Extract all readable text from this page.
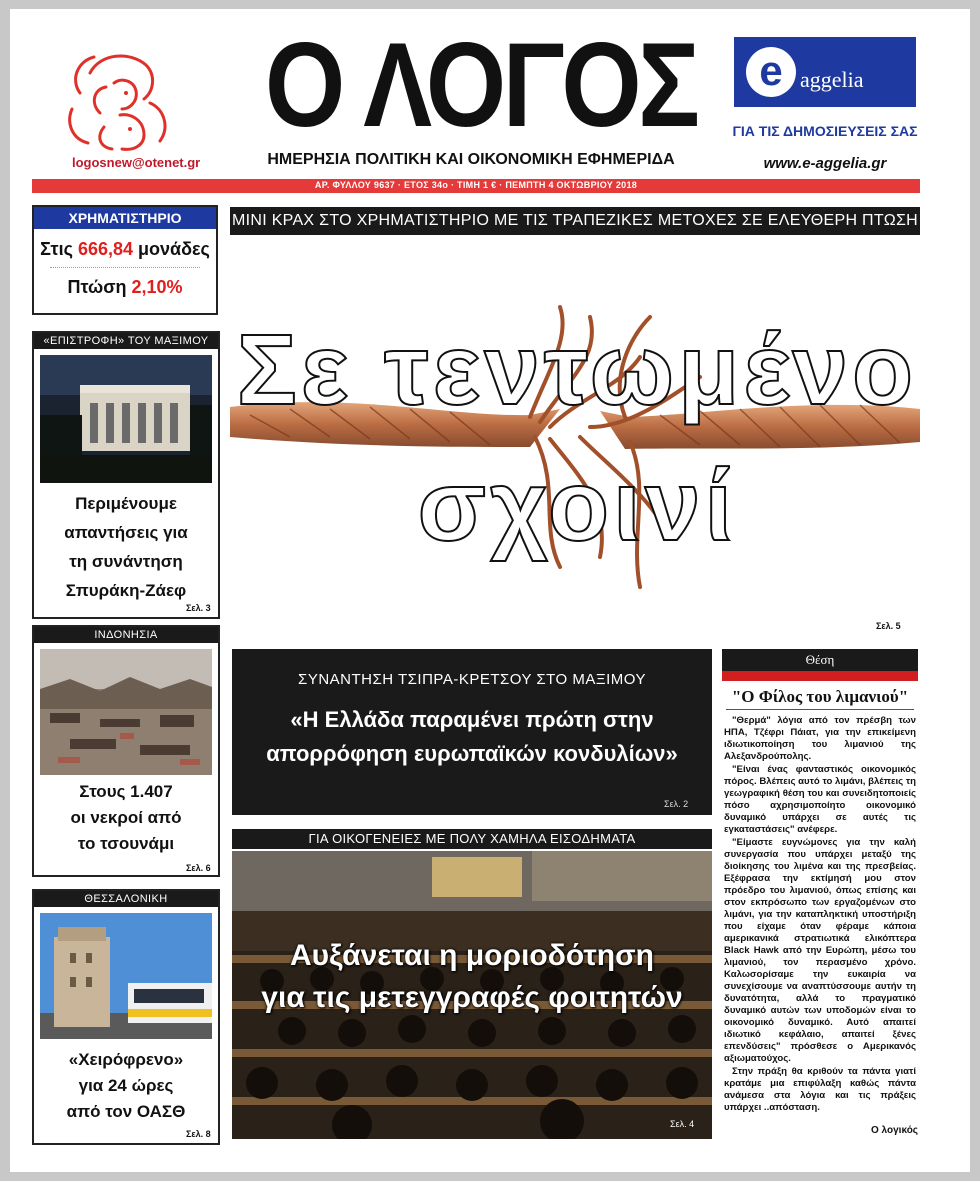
logosnew@otenet.gr
Ο ΛΟΓΟΣ
ΗΜΕΡΗΣΙΑ ΠΟΛΙΤΙΚΗ ΚΑΙ ΟΙΚΟΝΟΜΙΚΗ ΕΦΗΜΕΡΙΔΑ
e aggelia
ΓΙΑ ΤΙΣ ΔΗΜΟΣΙΕΥΣΕΙΣ ΣΑΣ
www.e-aggelia.gr
ΑΡ. ΦΥΛΛΟΥ 9637 · ΕΤΟΣ 34ο · ΤΙΜΗ 1 € · ΠΕΜΠΤΗ 4 ΟΚΤΩΒΡΙΟΥ 2018
ΧΡΗΜΑΤΙΣΤΗΡΙΟ
Στις 666,84 μονάδες
Πτώση 2,10%
ΜΙΝΙ ΚΡΑΧ ΣΤΟ ΧΡΗΜΑΤΙΣΤΗΡΙΟ ΜΕ ΤΙΣ ΤΡΑΠΕΖΙΚΕΣ ΜΕΤΟΧΕΣ ΣΕ ΕΛΕΥΘΕΡΗ ΠΤΩΣΗ
Σε τεντωμένο
σχοινί
Σελ. 5
«ΕΠΙΣΤΡΟΦΗ» ΤΟΥ ΜΑΞΙΜΟΥ
Περιμένουμε
απαντήσεις για
τη συνάντηση
Σπυράκη-Ζάεφ
Σελ. 3
ΙΝΔΟΝΗΣΙΑ
Στους 1.407
οι νεκροί από
το τσουνάμι
Σελ. 6
ΘΕΣΣΑΛΟΝΙΚΗ
«Χειρόφρενο»
για 24 ώρες
από τον ΟΑΣΘ
Σελ. 8
ΣΥΝΑΝΤΗΣΗ ΤΣΙΠΡΑ-ΚΡΕΤΣΟΥ ΣΤΟ ΜΑΞΙΜΟΥ
«Η Ελλάδα παραμένει πρώτη στην
απορρόφηση ευρωπαϊκών κονδυλίων»
Σελ. 2
ΓΙΑ ΟΙΚΟΓΕΝΕΙΕΣ ΜΕ ΠΟΛΥ ΧΑΜΗΛΑ ΕΙΣΟΔΗΜΑΤΑ
Αυξάνεται η μοριοδότηση
για τις μετεγγραφές φοιτητών
Σελ. 4
Θέση
"Ο Φίλος του λιμανιού"

"Θερμά" λόγια από τον πρέσβη των ΗΠΑ, Τζέφρι Πάιατ, για την επικείμενη ιδιωτικοποίηση του λιμανιού της Αλεξανδρούπολης.

"Είναι ένας φανταστικός οικονομικός πόρος. Βλέπεις αυτό το λιμάνι, βλέπεις τη γεωγραφική θέση του και συνειδητοποιείς πόσο αχρησιμοποίητο οικονομικό δυναμικό υπάρχει σε αυτές τις εγκαταστάσεις" ανέφερε.

"Είμαστε ευγνώμονες για την καλή συνεργασία που υπάρχει μεταξύ της διοίκησης του λιμένα και της πρεσβείας. Εξέφρασα την εκτίμησή μου στον πρόεδρο του λιμανιού, όπως επίσης και στον εκπρόσωπο των εργαζομένων στο λιμάνι, για την καταπληκτική υποστήριξη που είχαμε όταν φέραμε κάποια αμερικανικά στρατιωτικά ελικόπτερα Black Hawk από την Ευρώπη, μέσω του λιμανιού, τον περασμένο χρόνο. Καλωσορίσαμε την ευκαιρία να συνεχίσουμε να αναπτύσσουμε αυτήν τη δυνατότητα, αλλά το πραγματικό δυναμικό αυτών των υποδομών είναι το οικονομικό δυναμικό. Αυτό απαιτεί ιδιωτικό κεφάλαιο, απαιτεί ξένες επενδύσεις" πρόσθεσε ο Αμερικανός αξιωματούχος.

Στην πράξη θα κριθούν τα πάντα γιατί κρατάμε μια επιφύλαξη καθώς πάντα ανάμεσα στα λόγια και τις πράξεις υπάρχει ..απόσταση.

Ο λογικός
